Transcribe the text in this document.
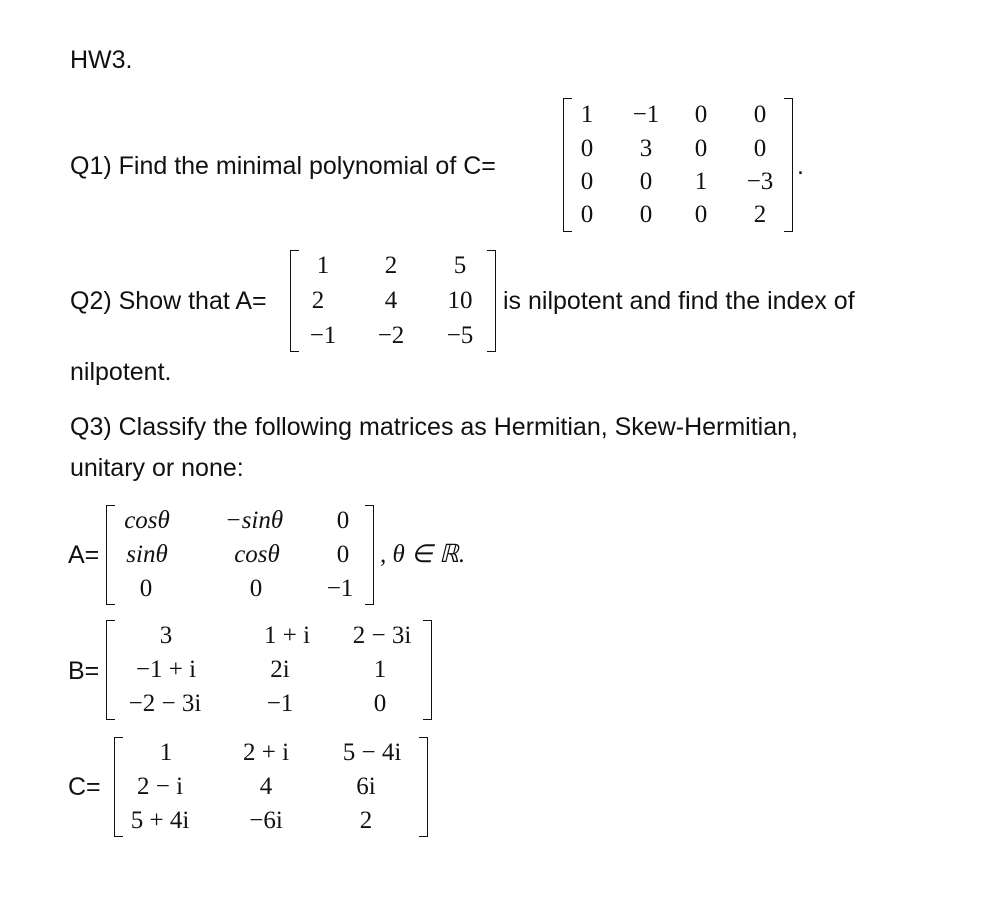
HW3.
Q1) Find the minimal polynomial of C=
1	−1	0	0
0	3	0	0
0	0	1	−3
0	0	0	2
.
Q2) Show that A=
1	2	5
2	4	10
−1	−2	−5
is nilpotent and find the index of
nilpotent.
Q3) Classify the following matrices as Hermitian, Skew-Hermitian,
unitary or none:
A=
cosθ	−sinθ	0
sinθ	cosθ	0
0	0	−1
, θ ∈ ℝ.
B=
3	1 + i	2 − 3i
−1 + i	2i	1
−2 − 3i	−1	0
C=
1	2 + i	5 − 4i
2 − i	4	6i
5 + 4i	−6i	2
